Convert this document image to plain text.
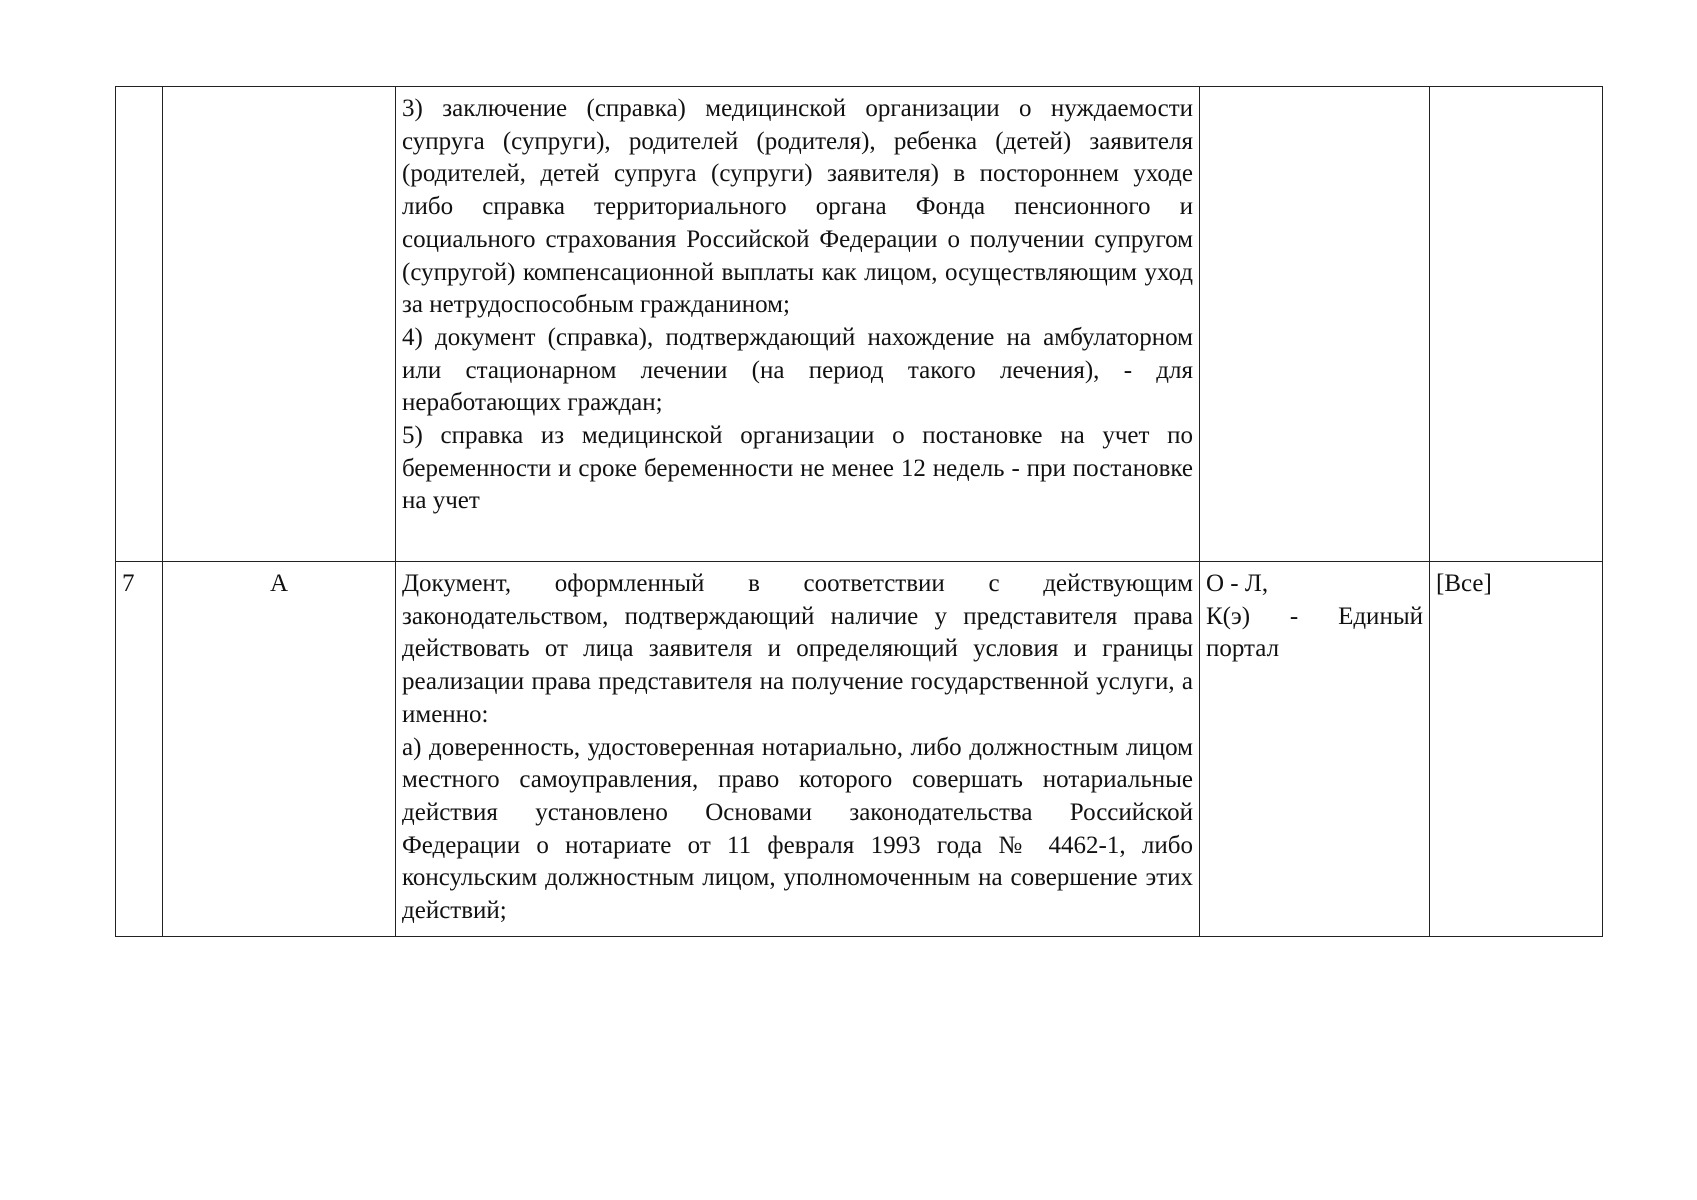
		3) заключение (справка) медицинской организации о нуждаемости супруга (супруги), родителей (родителя), ребенка (детей) заявителя (родителей, детей супруга (супруги) заявителя) в постороннем уходе либо справка территориального органа Фонда пенсионного и социального страхования Российской Федерации о получении супругом (супругой) компенсационной выплаты как лицом, осуществляющим уход за нетрудоспособным гражданином;
4) документ (справка), подтверждающий нахождение на амбулаторном или стационарном лечении (на период такого лечения), - для неработающих граждан;
5) справка из медицинской организации о постановке на учет по беременности и сроке беременности не менее 12 недель - при постановке на учет		

7	А	Документ, оформленный в соответствии с действующим законодательством, подтверждающий наличие у представителя права действовать от лица заявителя и определяющий условия и границы реализации права представителя на получение государственной услуги, а именно:
а) доверенность, удостоверенная нотариально, либо должностным лицом местного самоуправления, право которого совершать нотариальные действия установлено Основами законодательства Российской Федерации о нотариате от 11 февраля 1993 года № 4462-1, либо консульским должностным лицом, уполномоченным на совершение этих действий;	О - Л,
К(э) - Единый портал	[Все]
